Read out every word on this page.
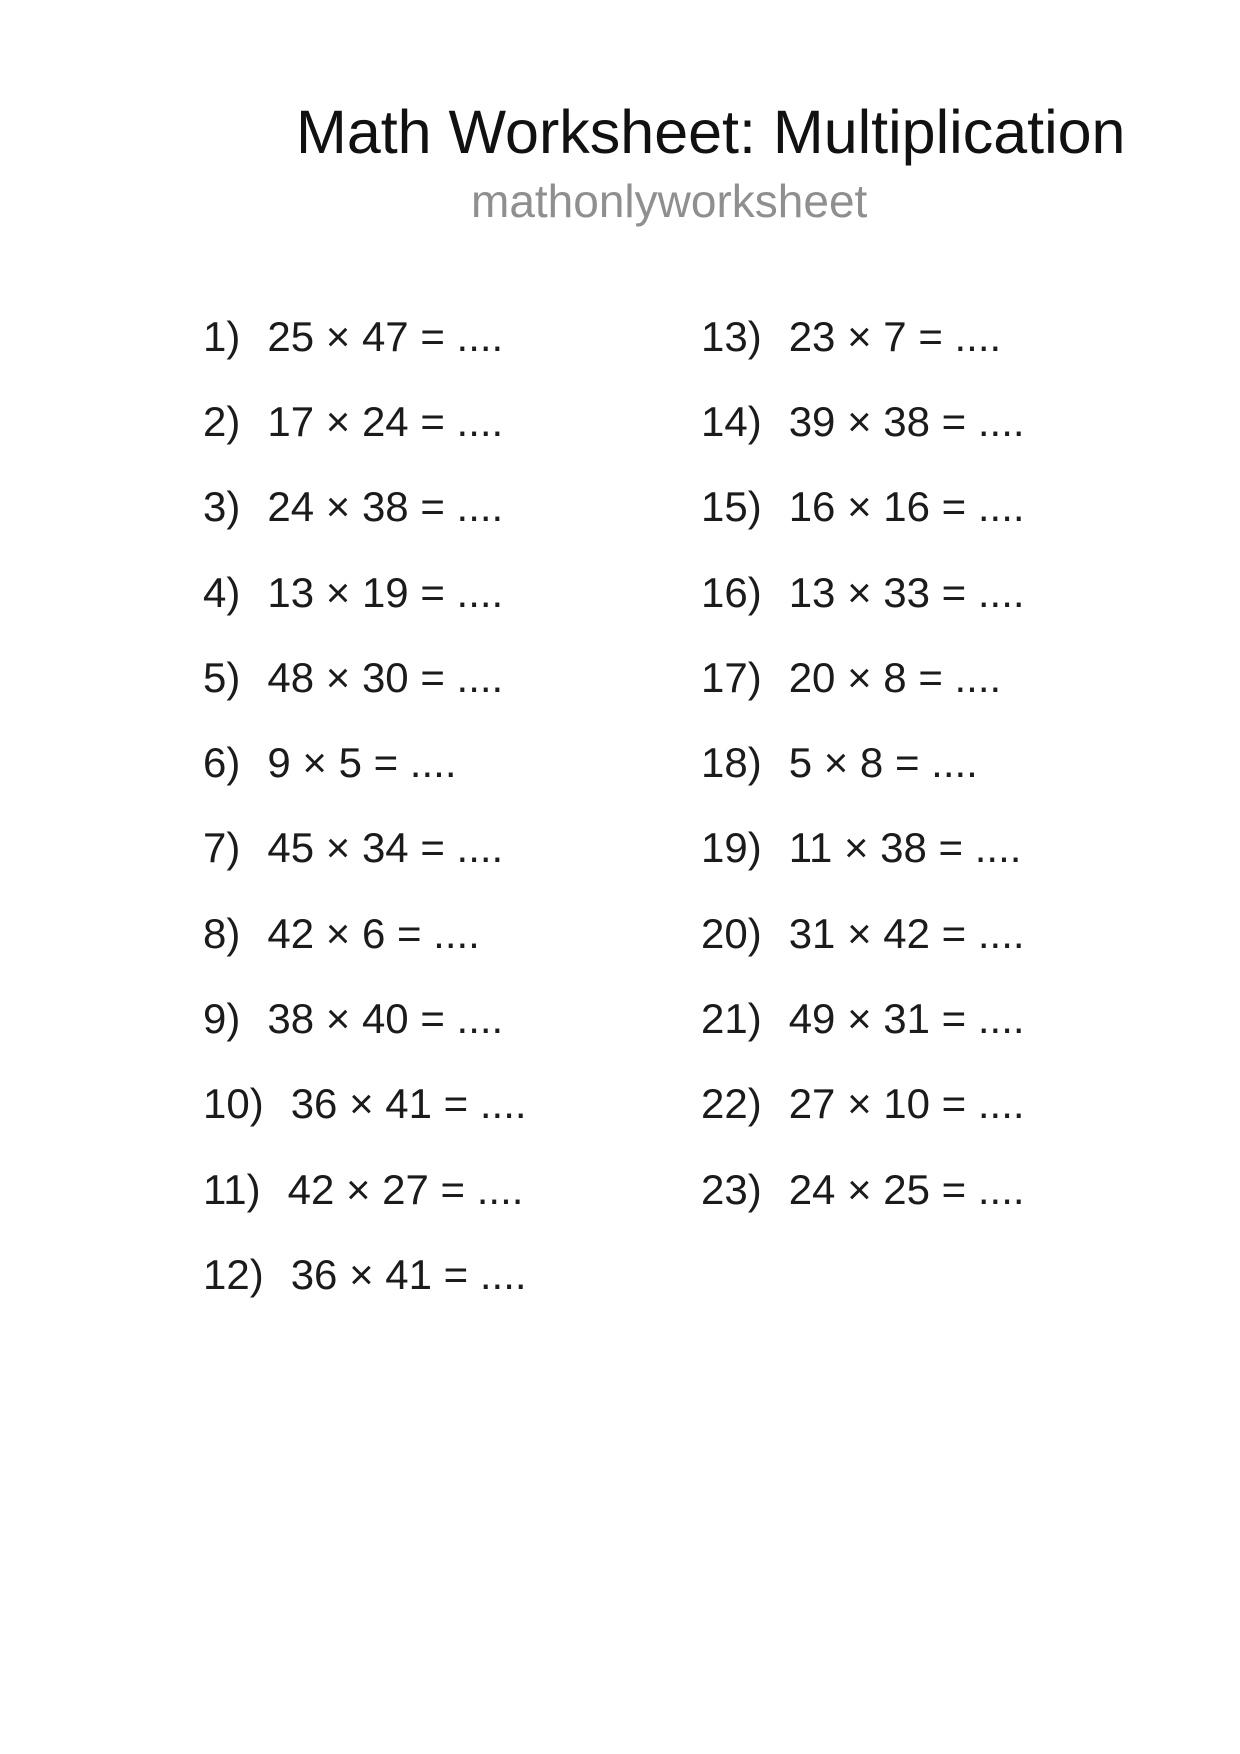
Math Worksheet: Multiplication
mathonlyworksheet
1) 25 × 47 = ....
2) 17 × 24 = ....
3) 24 × 38 = ....
4) 13 × 19 = ....
5) 48 × 30 = ....
6) 9 × 5 = ....
7) 45 × 34 = ....
8) 42 × 6 = ....
9) 38 × 40 = ....
10) 36 × 41 = ....
11) 42 × 27 = ....
12) 36 × 41 = ....
13) 23 × 7 = ....
14) 39 × 38 = ....
15) 16 × 16 = ....
16) 13 × 33 = ....
17) 20 × 8 = ....
18) 5 × 8 = ....
19) 11 × 38 = ....
20) 31 × 42 = ....
21) 49 × 31 = ....
22) 27 × 10 = ....
23) 24 × 25 = ....
